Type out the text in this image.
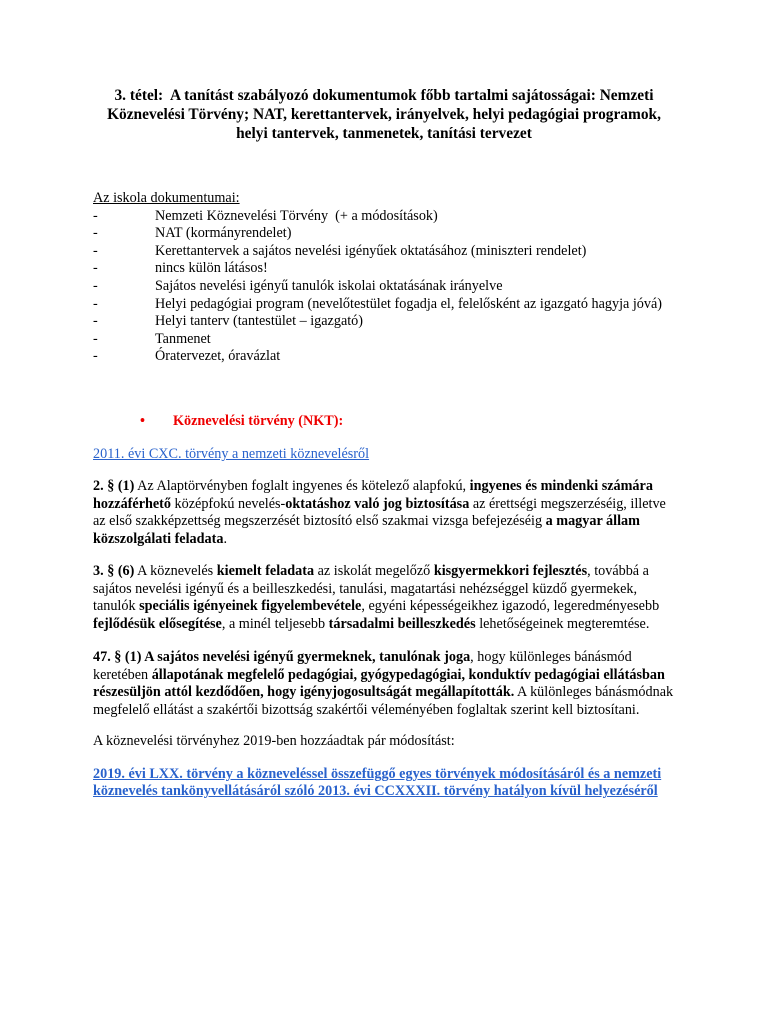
3. tétel:  A tanítást szabályozó dokumentumok főbb tartalmi sajátosságai: Nemzeti
Köznevelési Törvény; NAT, kerettantervek, irányelvek, helyi pedagógiai programok,
helyi tantervek, tanmenetek, tanítási tervezet
Az iskola dokumentumai:
-	Nemzeti Köznevelési Törvény  (+ a módosítások)
-	NAT (kormányrendelet)
-	Kerettantervek a sajátos nevelési igényűek oktatásához (miniszteri rendelet)
-	nincs külön látásos!
-	Sajátos nevelési igényű tanulók iskolai oktatásának irányelve
-	Helyi pedagógiai program (nevelőtestület fogadja el, felelősként az igazgató hagyja jóvá)
-	Helyi tanterv (tantestület – igazgató)
-	Tanmenet
-	Óratervezet, óravázlat
• Köznevelési törvény (NKT):
2011. évi CXC. törvény a nemzeti köznevelésről
2. § (1) Az Alaptörvényben foglalt ingyenes és kötelező alapfokú, ingyenes és mindenki számára
hozzáférhető középfokú nevelés-oktatáshoz való jog biztosítása az érettségi megszerzéséig, illetve
az első szakképzettség megszerzését biztosító első szakmai vizsga befejezéséig a magyar állam
közszolgálati feladata.
3. § (6) A köznevelés kiemelt feladata az iskolát megelőző kisgyermekkori fejlesztés, továbbá a
sajátos nevelési igényű és a beilleszkedési, tanulási, magatartási nehézséggel küzdő gyermekek,
tanulók speciális igényeinek figyelembevétele, egyéni képességeikhez igazodó, legeredményesebb
fejlődésük elősegítése, a minél teljesebb társadalmi beilleszkedés lehetőségeinek megteremtése.
47. § (1) A sajátos nevelési igényű gyermeknek, tanulónak joga, hogy különleges bánásmód
keretében állapotának megfelelő pedagógiai, gyógypedagógiai, konduktív pedagógiai ellátásban
részesüljön attól kezdődően, hogy igényjogosultságát megállapították. A különleges bánásmódnak
megfelelő ellátást a szakértői bizottság szakértői véleményében foglaltak szerint kell biztosítani.
A köznevelési törvényhez 2019-ben hozzáadtak pár módosítást:
2019. évi LXX. törvény a közneveléssel összefüggő egyes törvények módosításáról és a nemzeti
köznevelés tankönyvellátásáról szóló 2013. évi CCXXXII. törvény hatályon kívül helyezéséről
